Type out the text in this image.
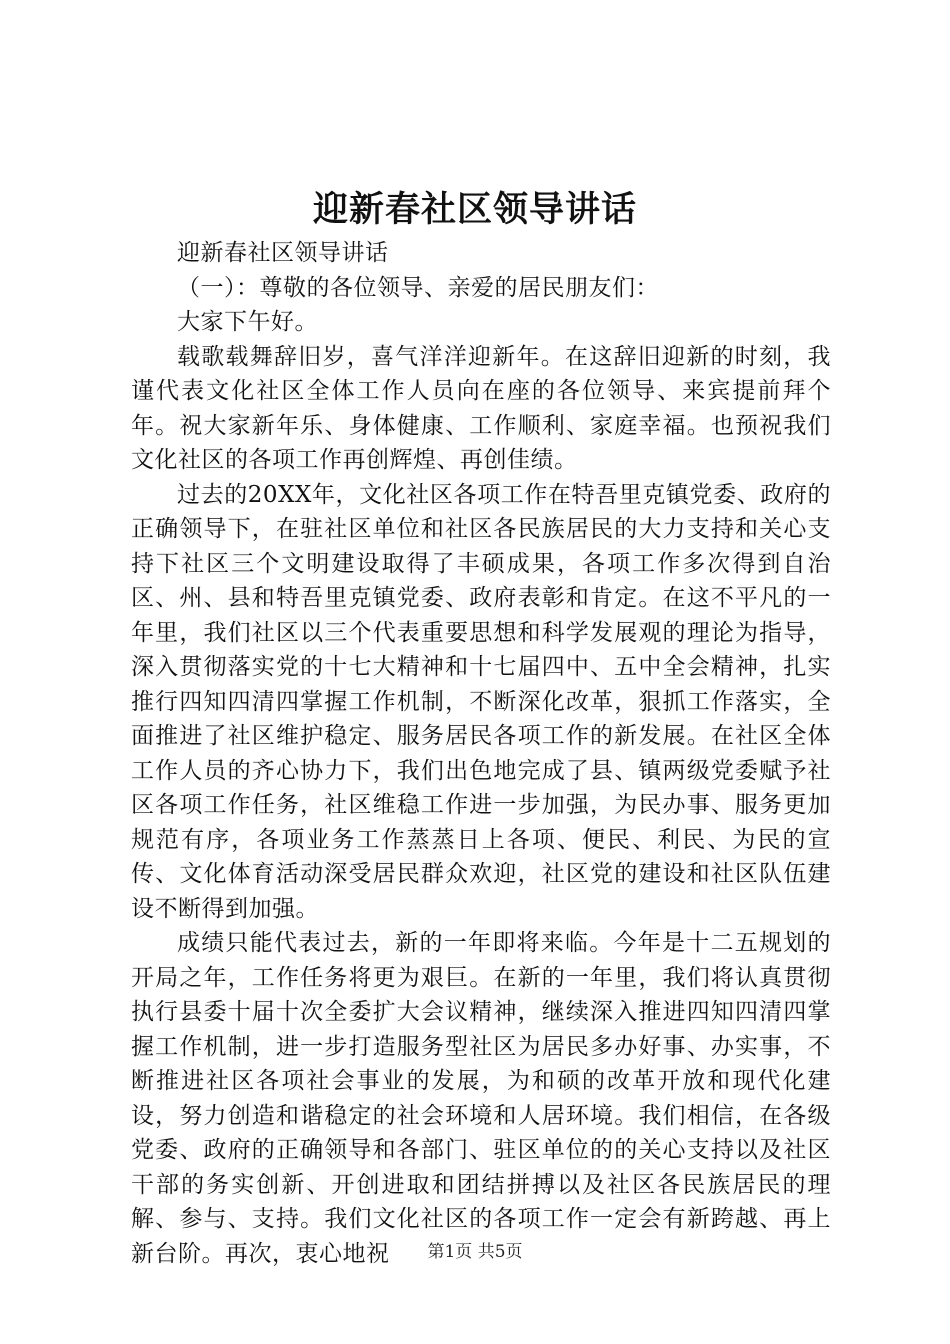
迎新春社区领导讲话

迎新春社区领导讲话

（一）：尊敬的各位领导、亲爱的居民朋友们：

大家下午好。

载歌载舞辞旧岁，喜气洋洋迎新年。在这辞旧迎新的时刻，我谨代表文化社区全体工作人员向在座的各位领导、来宾提前拜个年。祝大家新年乐、身体健康、工作顺利、家庭幸福。也预祝我们文化社区的各项工作再创辉煌、再创佳绩。

过去的20XX年，文化社区各项工作在特吾里克镇党委、政府的正确领导下，在驻社区单位和社区各民族居民的大力支持和关心支持下社区三个文明建设取得了丰硕成果，各项工作多次得到自治区、州、县和特吾里克镇党委、政府表彰和肯定。在这不平凡的一年里，我们社区以三个代表重要思想和科学发展观的理论为指导，深入贯彻落实党的十七大精神和十七届四中、五中全会精神，扎实推行四知四清四掌握工作机制，不断深化改革，狠抓工作落实，全面推进了社区维护稳定、服务居民各项工作的新发展。在社区全体工作人员的齐心协力下，我们出色地完成了县、镇两级党委赋予社区各项工作任务，社区维稳工作进一步加强，为民办事、服务更加规范有序，各项业务工作蒸蒸日上各项、便民、利民、为民的宣传、文化体育活动深受居民群众欢迎，社区党的建设和社区队伍建设不断得到加强。

成绩只能代表过去，新的一年即将来临。今年是十二五规划的开局之年，工作任务将更为艰巨。在新的一年里，我们将认真贯彻执行县委十届十次全委扩大会议精神，继续深入推进四知四清四掌握工作机制，进一步打造服务型社区为居民多办好事、办实事，不断推进社区各项社会事业的发展，为和硕的改革开放和现代化建设，努力创造和谐稳定的社会环境和人居环境。我们相信，在各级党委、政府的正确领导和各部门、驻区单位的的关心支持以及社区干部的务实创新、开创进取和团结拼搏以及社区各民族居民的理解、参与、支持。我们文化社区的各项工作一定会有新跨越、再上新台阶。再次，衷心地祝	第1页 共5页
